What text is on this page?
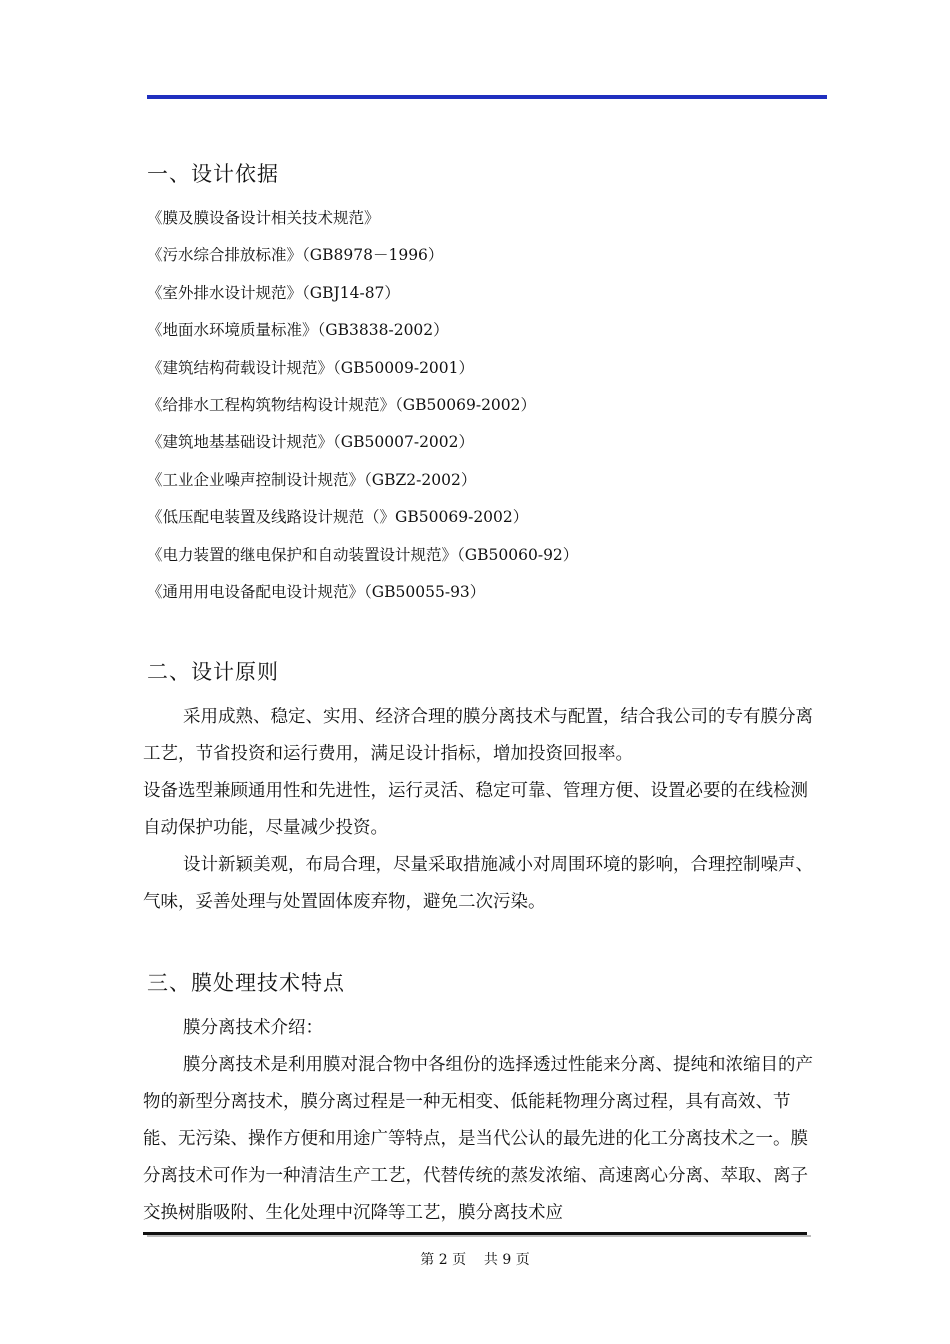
一、设计依据
《膜及膜设备设计相关技术规范》
《污水综合排放标准》（GB8978－1996）
《室外排水设计规范》（GBJ14-87）
《地面水环境质量标准》（GB3838-2002）
《建筑结构荷载设计规范》（GB50009-2001）
《给排水工程构筑物结构设计规范》（GB50069-2002）
《建筑地基基础设计规范》（GB50007-2002）
《工业企业噪声控制设计规范》（GBZ2-2002）
《低压配电装置及线路设计规范（》GB50069-2002）
《电力装置的继电保护和自动装置设计规范》（GB50060-92）
《通用用电设备配电设计规范》（GB50055-93）
二、设计原则

采用成熟、稳定、实用、经济合理的膜分离技术与配置，结合我公司的专有膜分离工艺，节省投资和运行费用，满足设计指标，增加投资回报率。

设备选型兼顾通用性和先进性，运行灵活、稳定可靠、管理方便、设置必要的在线检测自动保护功能，尽量减少投资。

设计新颖美观，布局合理，尽量采取措施减小对周围环境的影响，合理控制噪声、气味，妥善处理与处置固体废弃物，避免二次污染。

三、膜处理技术特点

膜分离技术介绍：

膜分离技术是利用膜对混合物中各组份的选择透过性能来分离、提纯和浓缩目的产物的新型分离技术，膜分离过程是一种无相变、低能耗物理分离过程，具有高效、节能、无污染、操作方便和用途广等特点，是当代公认的最先进的化工分离技术之一。膜分离技术可作为一种清洁生产工艺，代替传统的蒸发浓缩、高速离心分离、萃取、离子交换树脂吸附、生化处理中沉降等工艺，膜分离技术应

第 2 页    共 9 页
